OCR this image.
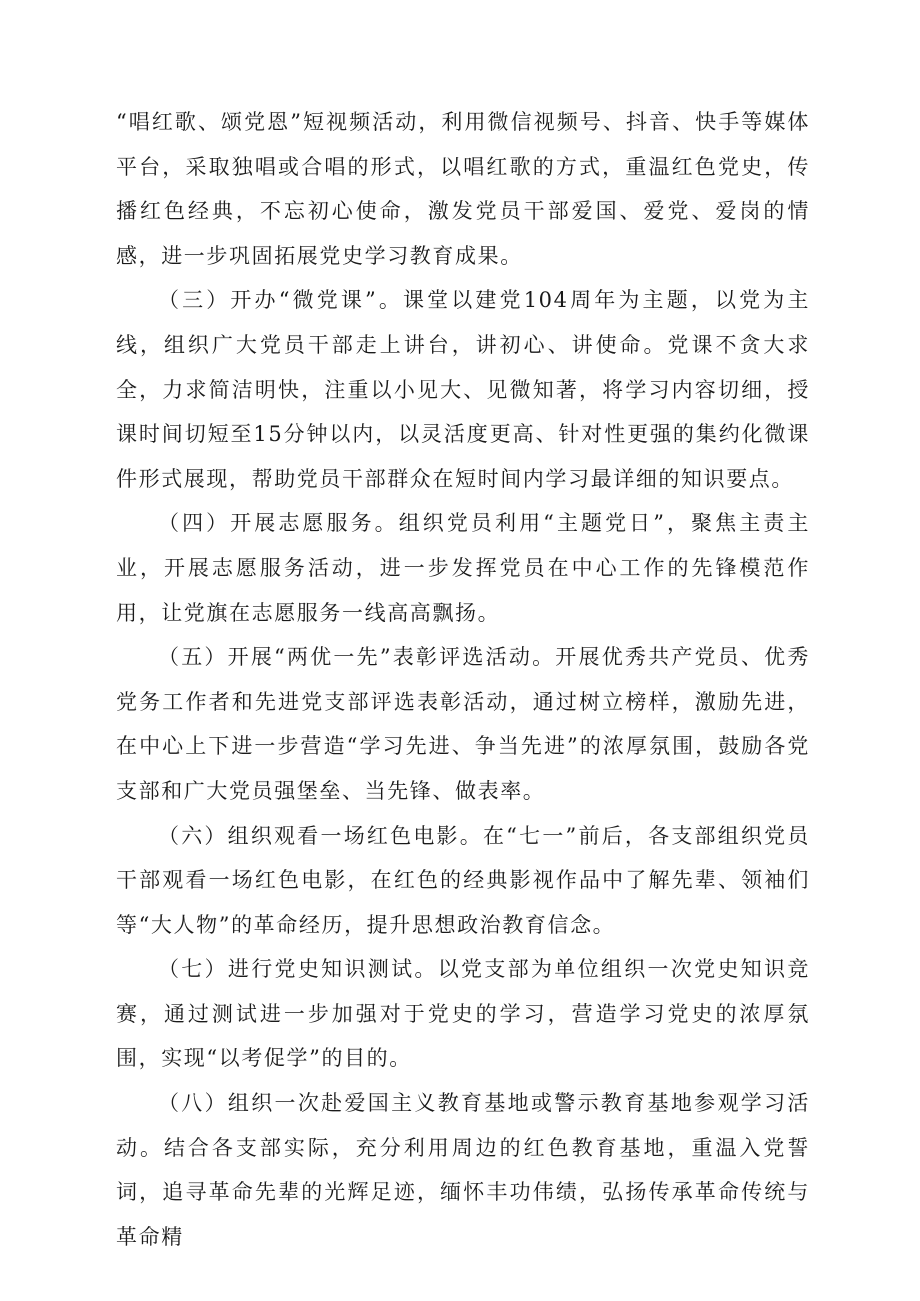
“唱红歌、颂党恩”短视频活动，利用微信视频号、抖音、快手等媒体平台，采取独唱或合唱的形式，以唱红歌的方式，重温红色党史，传播红色经典，不忘初心使命，激发党员干部爱国、爱党、爱岗的情感，进一步巩固拓展党史学习教育成果。

（三）开办“微党课”。课堂以建党104周年为主题，以党为主线，组织广大党员干部走上讲台，讲初心、讲使命。党课不贪大求全，力求简洁明快，注重以小见大、见微知著，将学习内容切细，授课时间切短至15分钟以内，以灵活度更高、针对性更强的集约化微课件形式展现，帮助党员干部群众在短时间内学习最详细的知识要点。

（四）开展志愿服务。组织党员利用“主题党日”，聚焦主责主业，开展志愿服务活动，进一步发挥党员在中心工作的先锋模范作用，让党旗在志愿服务一线高高飘扬。

（五）开展“两优一先”表彰评选活动。开展优秀共产党员、优秀党务工作者和先进党支部评选表彰活动，通过树立榜样，激励先进，在中心上下进一步营造“学习先进、争当先进”的浓厚氛围，鼓励各党支部和广大党员强堡垒、当先锋、做表率。

（六）组织观看一场红色电影。在“七一”前后，各支部组织党员干部观看一场红色电影，在红色的经典影视作品中了解先辈、领袖们等“大人物”的革命经历，提升思想政治教育信念。

（七）进行党史知识测试。以党支部为单位组织一次党史知识竞赛，通过测试进一步加强对于党史的学习，营造学习党史的浓厚氛围，实现“以考促学”的目的。

（八）组织一次赴爱国主义教育基地或警示教育基地参观学习活动。结合各支部实际，充分利用周边的红色教育基地，重温入党誓词，追寻革命先辈的光辉足迹，缅怀丰功伟绩，弘扬传承革命传统与革命精
